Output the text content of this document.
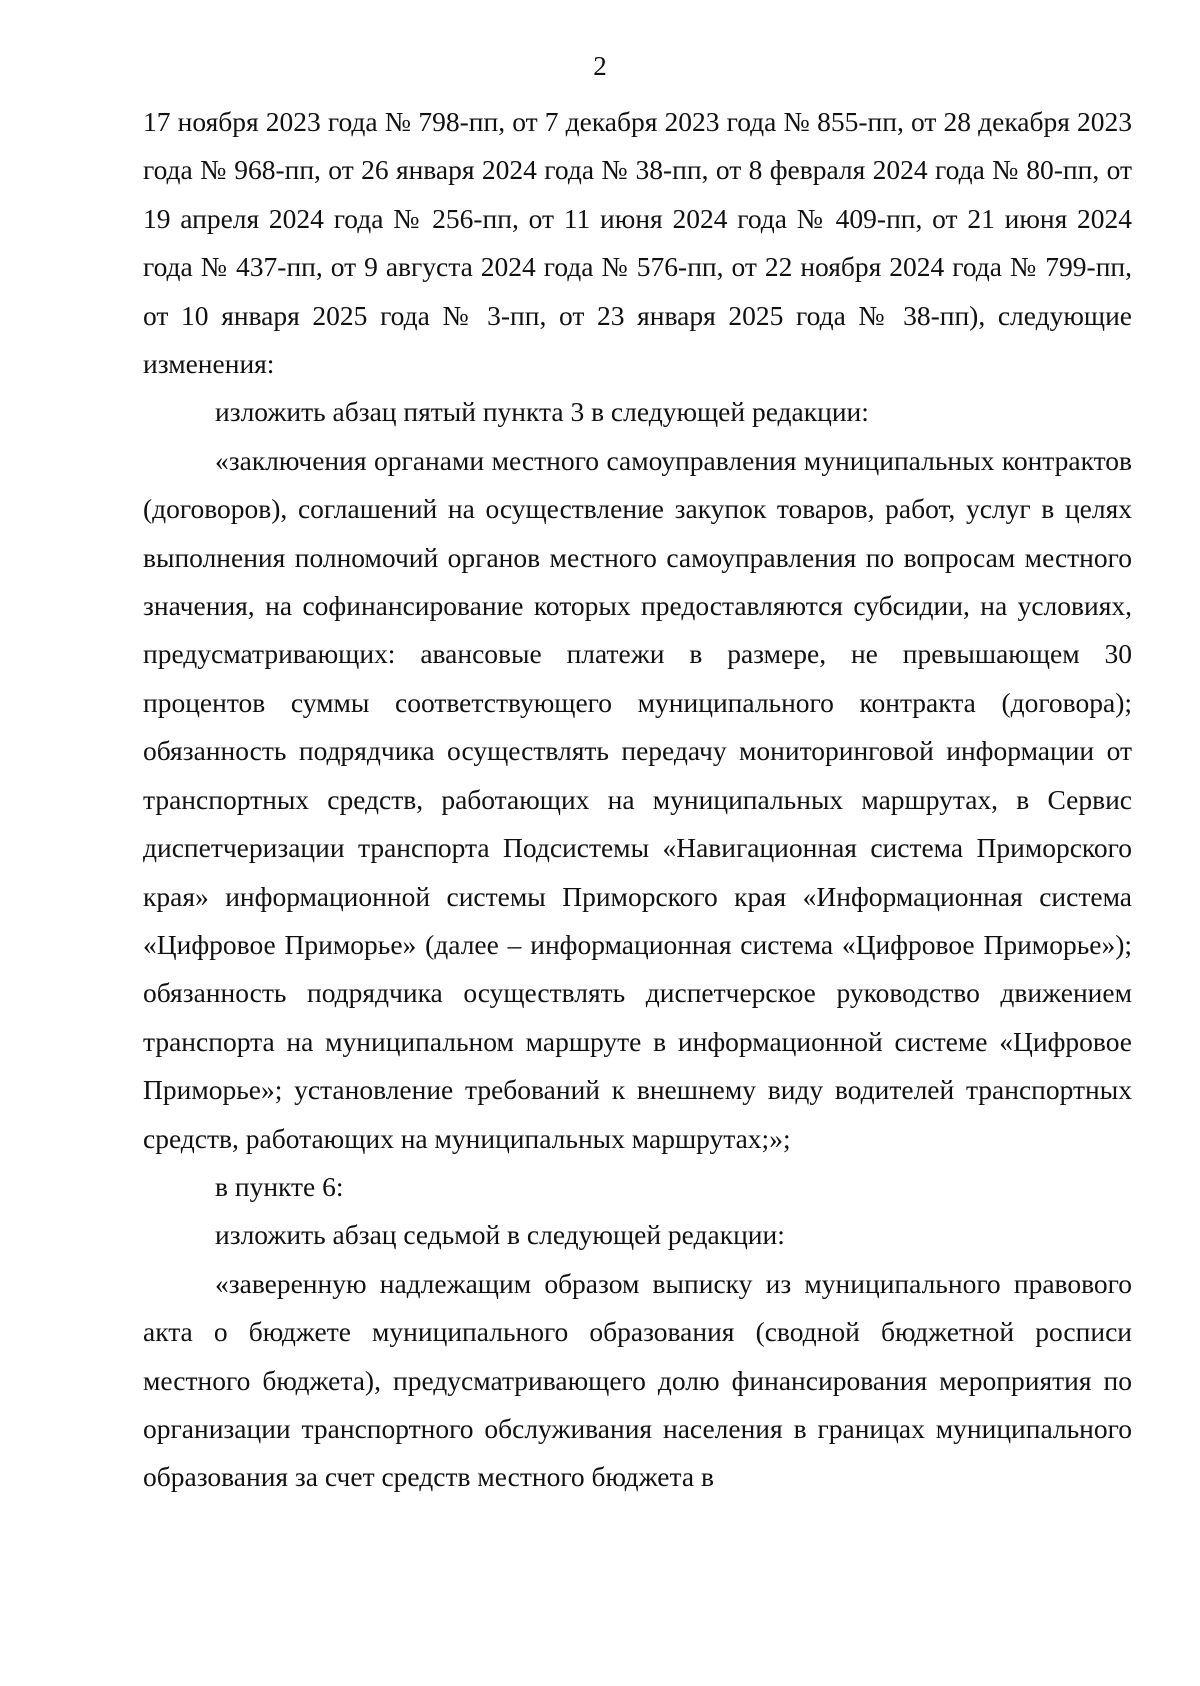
2

17 ноября 2023 года № 798-пп, от 7 декабря 2023 года № 855-пп, от 28 декабря 2023 года № 968-пп, от 26 января 2024 года № 38-пп, от 8 февраля 2024 года № 80-пп, от 19 апреля 2024 года № 256-пп, от 11 июня 2024 года № 409-пп, от 21 июня 2024 года № 437-пп, от 9 августа 2024 года № 576-пп, от 22 ноября 2024 года № 799-пп, от 10 января 2025 года № 3-пп, от 23 января 2025 года № 38-пп), следующие изменения:

изложить абзац пятый пункта 3 в следующей редакции:

«заключения органами местного самоуправления муниципальных контрактов (договоров), соглашений на осуществление закупок товаров, работ, услуг в целях выполнения полномочий органов местного самоуправления по вопросам местного значения, на софинансирование которых предоставляются субсидии, на условиях, предусматривающих: авансовые платежи в размере, не превышающем 30 процентов суммы соответствующего муниципального контракта (договора); обязанность подрядчика осуществлять передачу мониторинговой информации от транспортных средств, работающих на муниципальных маршрутах, в Сервис диспетчеризации транспорта Подсистемы «Навигационная система Приморского края» информационной системы Приморского края «Информационная система «Цифровое Приморье» (далее – информационная система «Цифровое Приморье»); обязанность подрядчика осуществлять диспетчерское руководство движением транспорта на муниципальном маршруте в информационной системе «Цифровое Приморье»; установление требований к внешнему виду водителей транспортных средств, работающих на муниципальных маршрутах;»;

в пункте 6:

изложить абзац седьмой в следующей редакции:

«заверенную надлежащим образом выписку из муниципального правового акта о бюджете муниципального образования (сводной бюджетной росписи местного бюджета), предусматривающего долю финансирования мероприятия по организации транспортного обслуживания населения в границах муниципального образования за счет средств местного бюджета в
